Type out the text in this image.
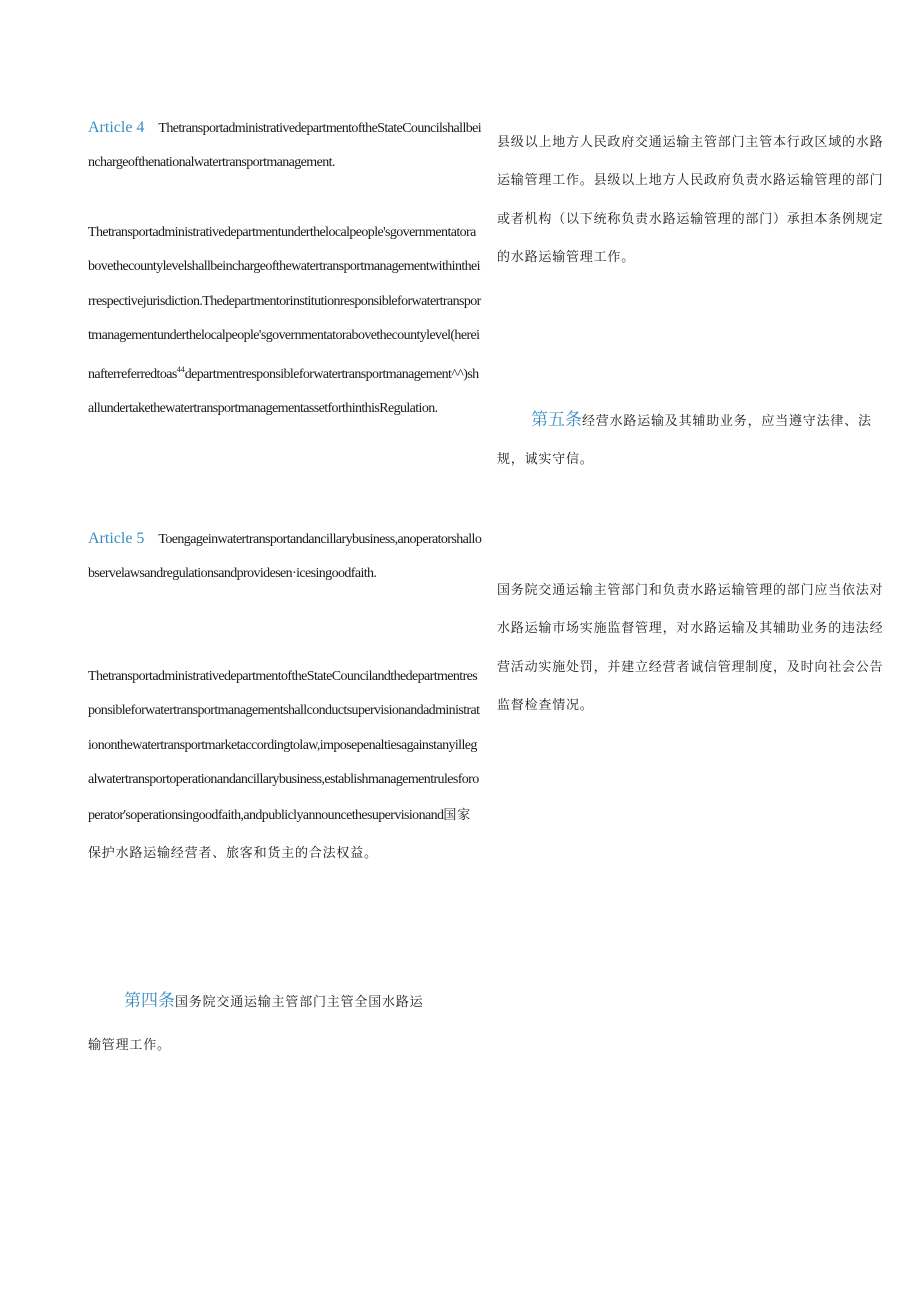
Article 4 ThetransportadministrativedepartmentoftheStateCouncilshallbeinchargeofthenationalwatertransportmanagement.

Thetransportadministrativedepartmentunderthelocalpeople'sgovernmentatorabovethecountylevelshallbeinchargeofthewatertransportmanagementwithintheirrespectivejurisdiction.Thedepartmentorinstitutionresponsibleforwatertransportmanagementunderthelocalpeople'sgovernmentatorabovethecountylevel(hereinafterreferredtoas$^{44}$departmentresponsibleforwatertransportmanagement^^)shallundertakethewatertransportmanagementassetforthinthisRegulation.

Article 5 Toengageinwatertransportandancillarybusiness,anoperatorshallobservelawsandregulationsandprovidesen·icesingoodfaith.

ThetransportadministrativedepartmentoftheStateCouncilandthedepartmentresponsibleforwatertransportmanagementshallconductsupervisionandadministrationonthewatertransportmarketaccordingtolaw,imposepenaltiesagainstanyillegalwatertransportoperationandancillarybusiness,establishmanagementrulesforoperator'soperationsingoodfaith,andpubliclyannouncethesupervisionand国家保护水路运输经营者、旅客和货主的合法权益。

第四条国务院交通运输主管部门主管全国水路运输管理工作。

县级以上地方人民政府交通运输主管部门主管本行政区域的水路运输管理工作。县级以上地方人民政府负责水路运输管理的部门或者机构（以下统称负责水路运输管理的部门）承担本条例规定的水路运输管理工作。

第五条经营水路运输及其辅助业务，应当遵守法律、法规，诚实守信。

国务院交通运输主管部门和负责水路运输管理的部门应当依法对水路运输市场实施监督管理，对水路运输及其辅助业务的违法经营活动实施处罚，并建立经营者诚信管理制度，及时向社会公告监督检查情况。
